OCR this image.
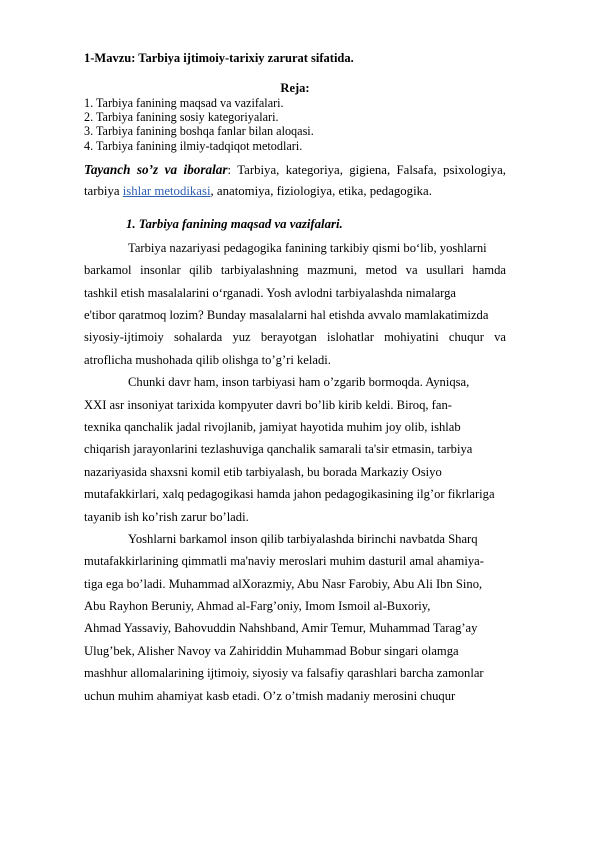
1-Mavzu: Tarbiya ijtimoiy-tarixiy zarurat sifatida.
Reja:
1. Tarbiya fanining maqsad va vazifalari.
2. Tarbiya fanining sosiy kategoriyalari.
3. Tarbiya fanining boshqa fanlar bilan aloqasi.
4. Tarbiya fanining ilmiy-tadqiqot metodlari.
Tayanch so’z va iboralar: Tarbiya, kategoriya, gigiena, Falsafa, psixologiya, tarbiya ishlar metodikasi, anatomiya, fiziologiya, etika, pedagogika.
1. Tarbiya fanining maqsad va vazifalari.
Tarbiya nazariyasi pedagogika fanining tarkibiy qismi bo‘lib, yoshlarni
barkamol insonlar qilib tarbiyalashning mazmuni, metod va usullari hamda
tashkil etish masalalarini o‘rganadi. Yosh avlodni tarbiyalashda nimalarga
e'tibor qaratmoq lozim? Bunday masalalarni hal etishda avvalo mamlakatimizda
siyosiy-ijtimoiy sohalarda yuz berayotgan islohatlar mohiyatini chuqur va
atroflicha mushohada qilib olishga to’g’ri keladi.
Chunki davr ham, inson tarbiyasi ham o’zgarib bormoqda. Ayniqsa,
XXI asr insoniyat tarixida kompyuter davri bo’lib kirib keldi. Biroq, fan-
texnika qanchalik jadal rivojlanib, jamiyat hayotida muhim joy olib, ishlab
chiqarish jarayonlarini tezlashuviga qanchalik samarali ta'sir etmasin, tarbiya
nazariyasida shaxsni komil etib tarbiyalash, bu borada Markaziy Osiyo
mutafakkirlari, xalq pedagogikasi hamda jahon pedagogikasining ilg’or fikrlariga
tayanib ish ko’rish zarur bo’ladi.
Yoshlarni barkamol inson qilib tarbiyalashda birinchi navbatda Sharq
mutafakkirlarining qimmatli ma'naviy meroslari muhim dasturil amal ahamiya-
tiga ega bo’ladi. Muhammad alXorazmiy, Abu Nasr Farobiy, Abu Ali Ibn Sino,
Abu Rayhon Beruniy, Ahmad al-Farg’oniy, Imom Ismoil al-Buxoriy,
Ahmad Yassaviy, Bahovuddin Nahshband, Amir Temur, Muhammad Tarag’ay
Ulug’bek, Alisher Navoy va Zahiriddin Muhammad Bobur singari olamga
mashhur allomalarining ijtimoiy, siyosiy va falsafiy qarashlari barcha zamonlar
uchun muhim ahamiyat kasb etadi. O’z o’tmish madaniy merosini chuqur
